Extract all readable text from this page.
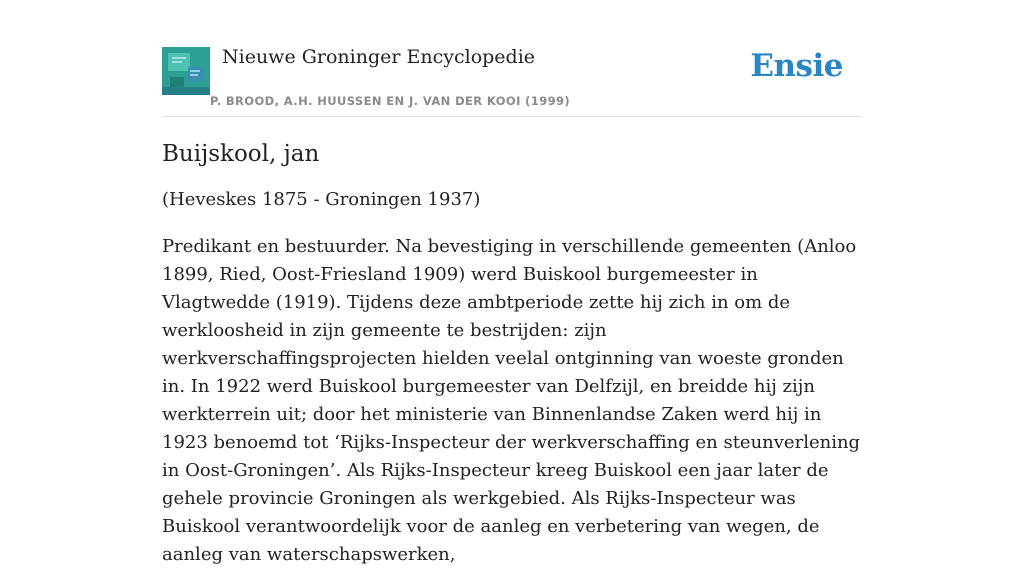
Nieuwe Groninger Encyclopedie
P. BROOD, A.H. HUUSSEN EN J. VAN DER KOOI (1999)
Ensie
Buijskool, jan

(Heveskes 1875 - Groningen 1937)

Predikant en bestuurder. Na bevestiging in verschillende gemeenten (Anloo 1899, Ried, Oost-Friesland 1909) werd Buiskool burgemeester in Vlagtwedde (1919). Tijdens deze ambtperiode zette hij zich in om de werkloosheid in zijn gemeente te bestrijden: zijn werkverschaffingsprojecten hielden veelal ontginning van woeste gronden in. In 1922 werd Buiskool burgemeester van Delfzijl, en breidde hij zijn werkterrein uit; door het ministerie van Binnenlandse Zaken werd hij in 1923 benoemd tot ‘Rijks-Inspecteur der werkverschaffing en steunverlening in Oost-Groningen’. Als Rijks-Inspecteur kreeg Buiskool een jaar later de gehele provincie Groningen als werkgebied. Als Rijks-Inspecteur was Buiskool verantwoordelijk voor de aanleg en verbetering van wegen, de aanleg van waterschapswerken,
